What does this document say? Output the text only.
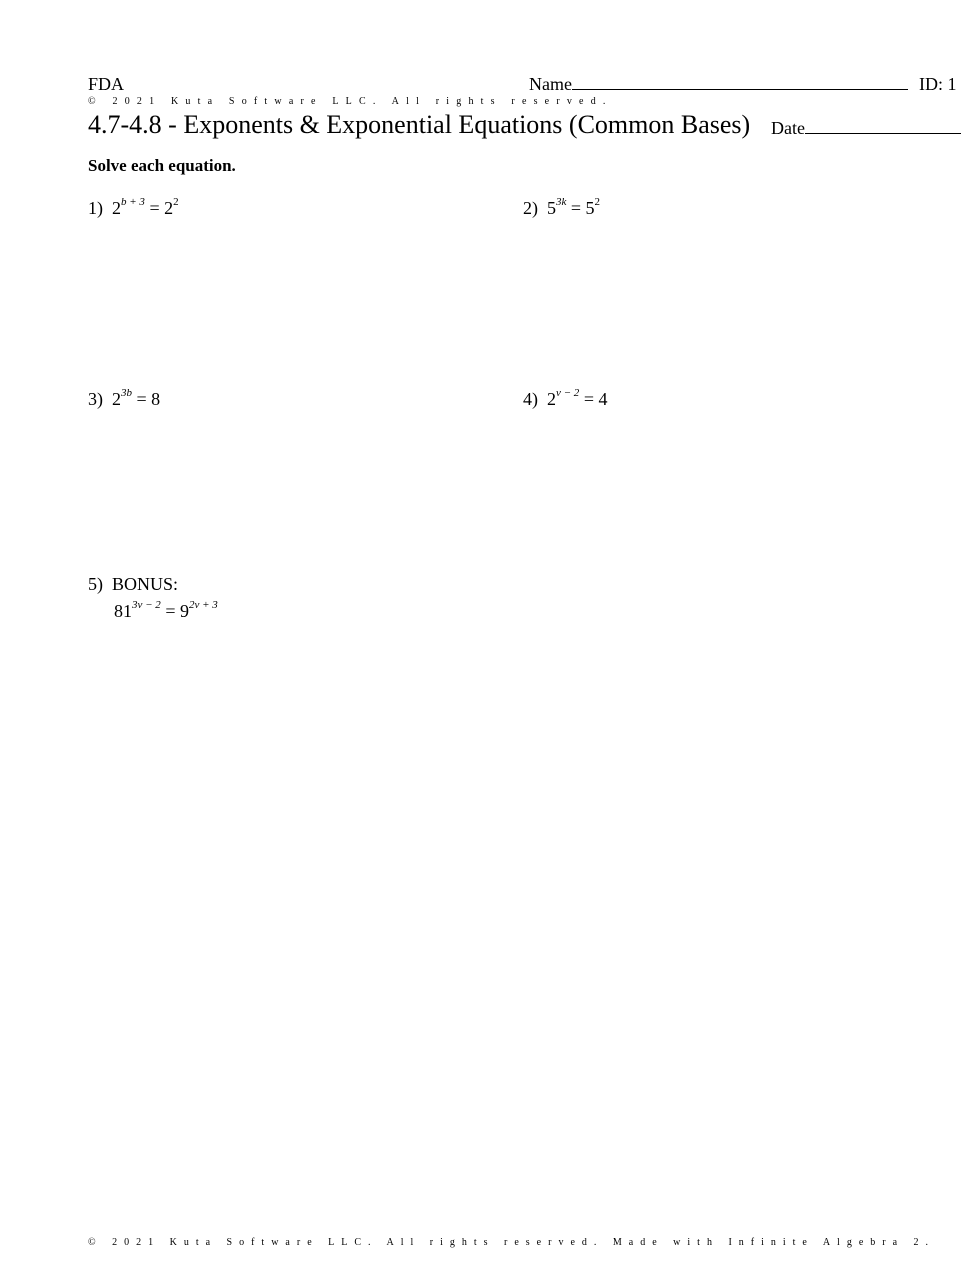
FDA	Name	ID: 1
© 2021 Kuta Software LLC. All rights reserved.
4.7-4.8 - Exponents & Exponential Equations (Common Bases) Date
Solve each equation.
1) $2^{b + 3} = 2^2$	2) $5^{3k} = 5^2$
3) $2^{3b} = 8$	4) $2^{v - 2} = 4$
5) BONUS:
$81^{3v - 2} = 9^{2v + 3}$
© 2021 Kuta Software LLC. All rights reserved. Made with Infinite Algebra 2.
